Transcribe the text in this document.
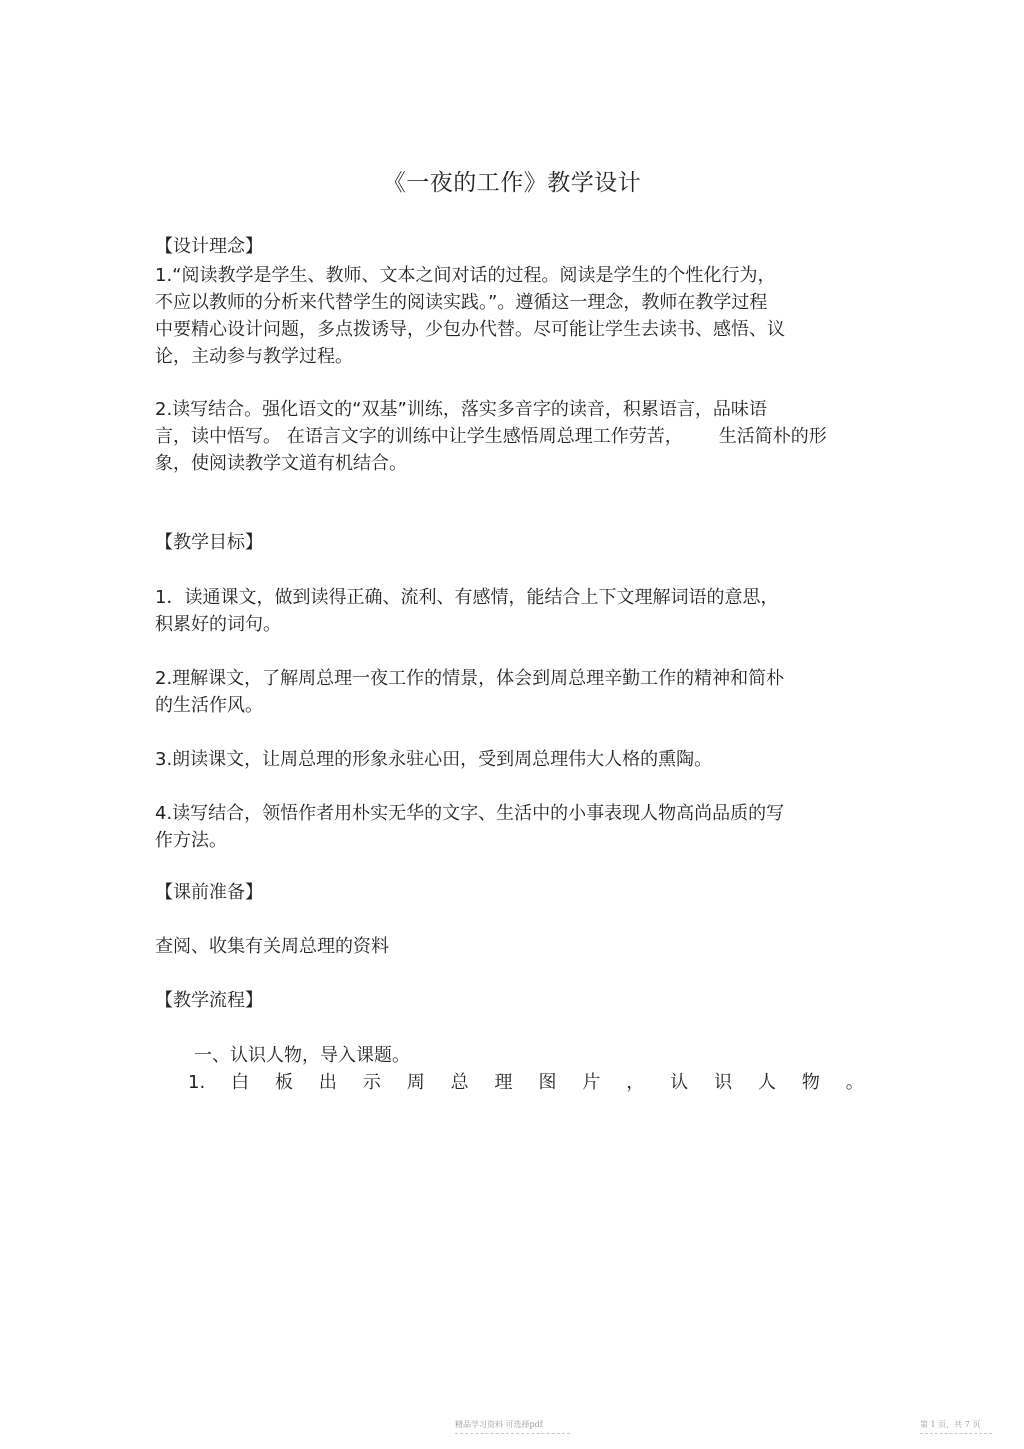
《一夜的工作》教学设计
【设计理念】
1.“阅读教学是学生、教师、文本之间对话的过程。阅读是学生的个性化行为，
不应以教师的分析来代替学生的阅读实践。”。遵循这一理念，教师在教学过程
中要精心设计问题，多点拨诱导，少包办代替。尽可能让学生去读书、感悟、议
论，主动参与教学过程。
2.读写结合。强化语文的“双基”训练，落实多音字的读音，积累语言，品味语
言，读中悟写。 在语言文字的训练中让学生感悟周总理工作劳苦， 生活简朴的形
象，使阅读教学文道有机结合。
【教学目标】
1．读通课文，做到读得正确、流利、有感情，能结合上下文理解词语的意思，
积累好的词句。
2.理解课文，了解周总理一夜工作的情景，体会到周总理辛勤工作的精神和简朴
的生活作风。
3.朗读课文，让周总理的形象永驻心田，受到周总理伟大人格的熏陶。
4.读写结合，领悟作者用朴实无华的文字、生活中的小事表现人物高尚品质的写
作方法。
【课前准备】
查阅、收集有关周总理的资料
【教学流程】
一、认识人物，导入课题。
1. 白 板 出 示 周 总 理 图 片 ， 认 识 人 物 。
精品学习资料 可选择pdf	第 1 页，共 7 页
